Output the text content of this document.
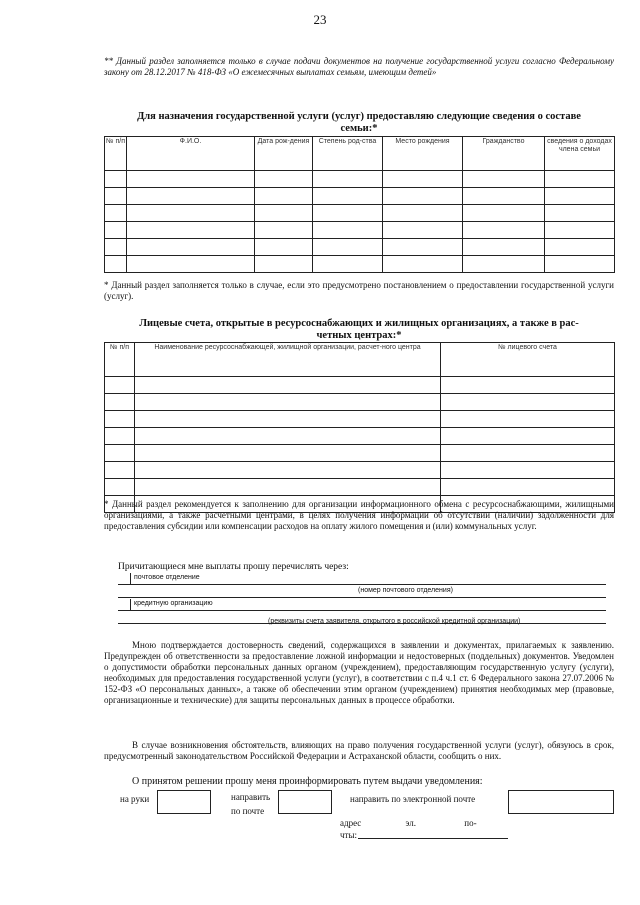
23
** Данный раздел заполняется только в случае подачи документов на получение государственной услуги согласно Федеральному закону от 28.12.2017 № 418-ФЗ «О ежемесячных выплатах семьям, имеющим детей»
Для назначения государственной услуги (услуг) предоставляю следующие сведения о составе
семьи:*
№ п/п	Ф.И.О.	Дата рож-дения	Степень род-ства	Место рождения	Гражданство	сведения о доходах члена семьи

* Данный раздел заполняется только в случае, если это предусмотрено постановлением о предоставлении государственной услуги (услуг).
Лицевые счета, открытые в ресурсоснабжающих и жилищных организациях, а также в рас-
четных центрах:*
№ п/п	Наименование ресурсоснабжающей, жилищной организации, расчет-ного центра	№ лицевого счета

* Данный раздел рекомендуется к заполнению для организации информационного обмена с ресурсоснабжающими, жилищными организациями, а также расчетными центрами, в целях получения информации об отсутствии (наличии) задолженности для предоставления субсидии или компенсации расходов на оплату жилого помещения и (или) коммунальных услуг.
Причитающиеся мне выплаты прошу перечислять через:
почтовое отделение
(номер почтового отделения)
кредитную организацию
(реквизиты счета заявителя, открытого в российской кредитной организации)
Мною подтверждается достоверность сведений, содержащихся в заявлении и документах, прилагаемых к заявлению. Предупрежден об ответственности за предоставление ложной информации и недостоверных (поддельных) документов. Уведомлен о допустимости обработки персональных данных органом (учреждением), предоставляющим государственную услугу (услуги), необходимых для предоставления государственной услуги (услуг), в соответствии с п.4 ч.1 ст. 6 Федерального закона 27.07.2006 № 152-ФЗ «О персональных данных», а также об обеспечении этим органом (учреждением) принятия необходимых мер (правовые, организационные и технические) для защиты персональных данных в процессе обработки.
В случае возникновения обстоятельств, влияющих на право получения государственной услуги (услуг), обязуюсь в срок, предусмотренный законодательством Российской Федерации и Астраханской области, сообщить о них.
О принятом решении прошу меня проинформировать путем выдачи уведомления:
на руки	направить
по почте
направить по электронной почте
адрес	эл.	по-
чты:
